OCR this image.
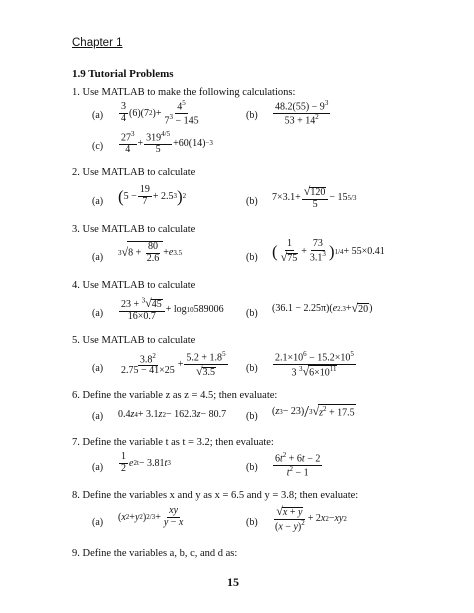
Chapter 1
1.9 Tutorial Problems
1. Use MATLAB to make the following calculations:
$(a) \frac{3}{4} (6)(7$ 2 )+ $\frac{4^5}{7^3 - 145}$	$(b) \frac{48.2(55) - 9^3}{53 + 14^2}$
$(c) \frac{27^3}{4} + \frac{319^{4/5}}{5} +60(14) -3$
2. Use MATLAB to calculate
(a) ( $5 - \frac{19}{7} + 2.5$ 3 ) 2	(b) $7\times 3.1+ \frac{√120}{5} - 15$ 5/3
3. Use MATLAB to calculate
(a) 3 √ $8 + \frac{80}{2.6} + e$ 3.5	(b) ( $\frac{1}{√75} + \frac{73}{3.1^3}$ ) 1/4 + 55×0.41
4. Use MATLAB to calculate
$(a) \frac{23 + ^3√45}{16\times 0.7} + \log 10$ 589006 (b) (36.1 − 2.25π)( e 2.3 + √ 20 )
5. Use MATLAB to calculate
$(a) \frac{3.8^2}{2.75 - 41\times 25} + \frac{5.2 + 1.8^5}{√3.5} (b) \frac{2.1\times 10^6 - 15.2\times 10^5}{3 ^3√6\times 10^{11}}$
6. Define the variable z as z = 4.5; then evaluate:
(a) 0.4 z 4 + 3.1 z 2 − 162.3 z − 80.7 (b) ( z 3 − 23) / 3 √ $z^2 + 17.5$
7. Define the variable t as t = 3.2; then evaluate:
$(a) \frac{1}{2}$ e 2t − 3.81 t 3	$(b) \frac{6t^2 + 6t - 2}{t^2 - 1}$
8. Define the variables x and y as x = 6.5 and y = 3.8; then evaluate:
(a) ( x 2 + y 2 ) $2/3 + \frac{xy}{y - x}$	$(b) \frac{√x + y}{(x - y)^2} + 2$ x 2 − xy 2
9. Define the variables a, b, c, and d as:
15
